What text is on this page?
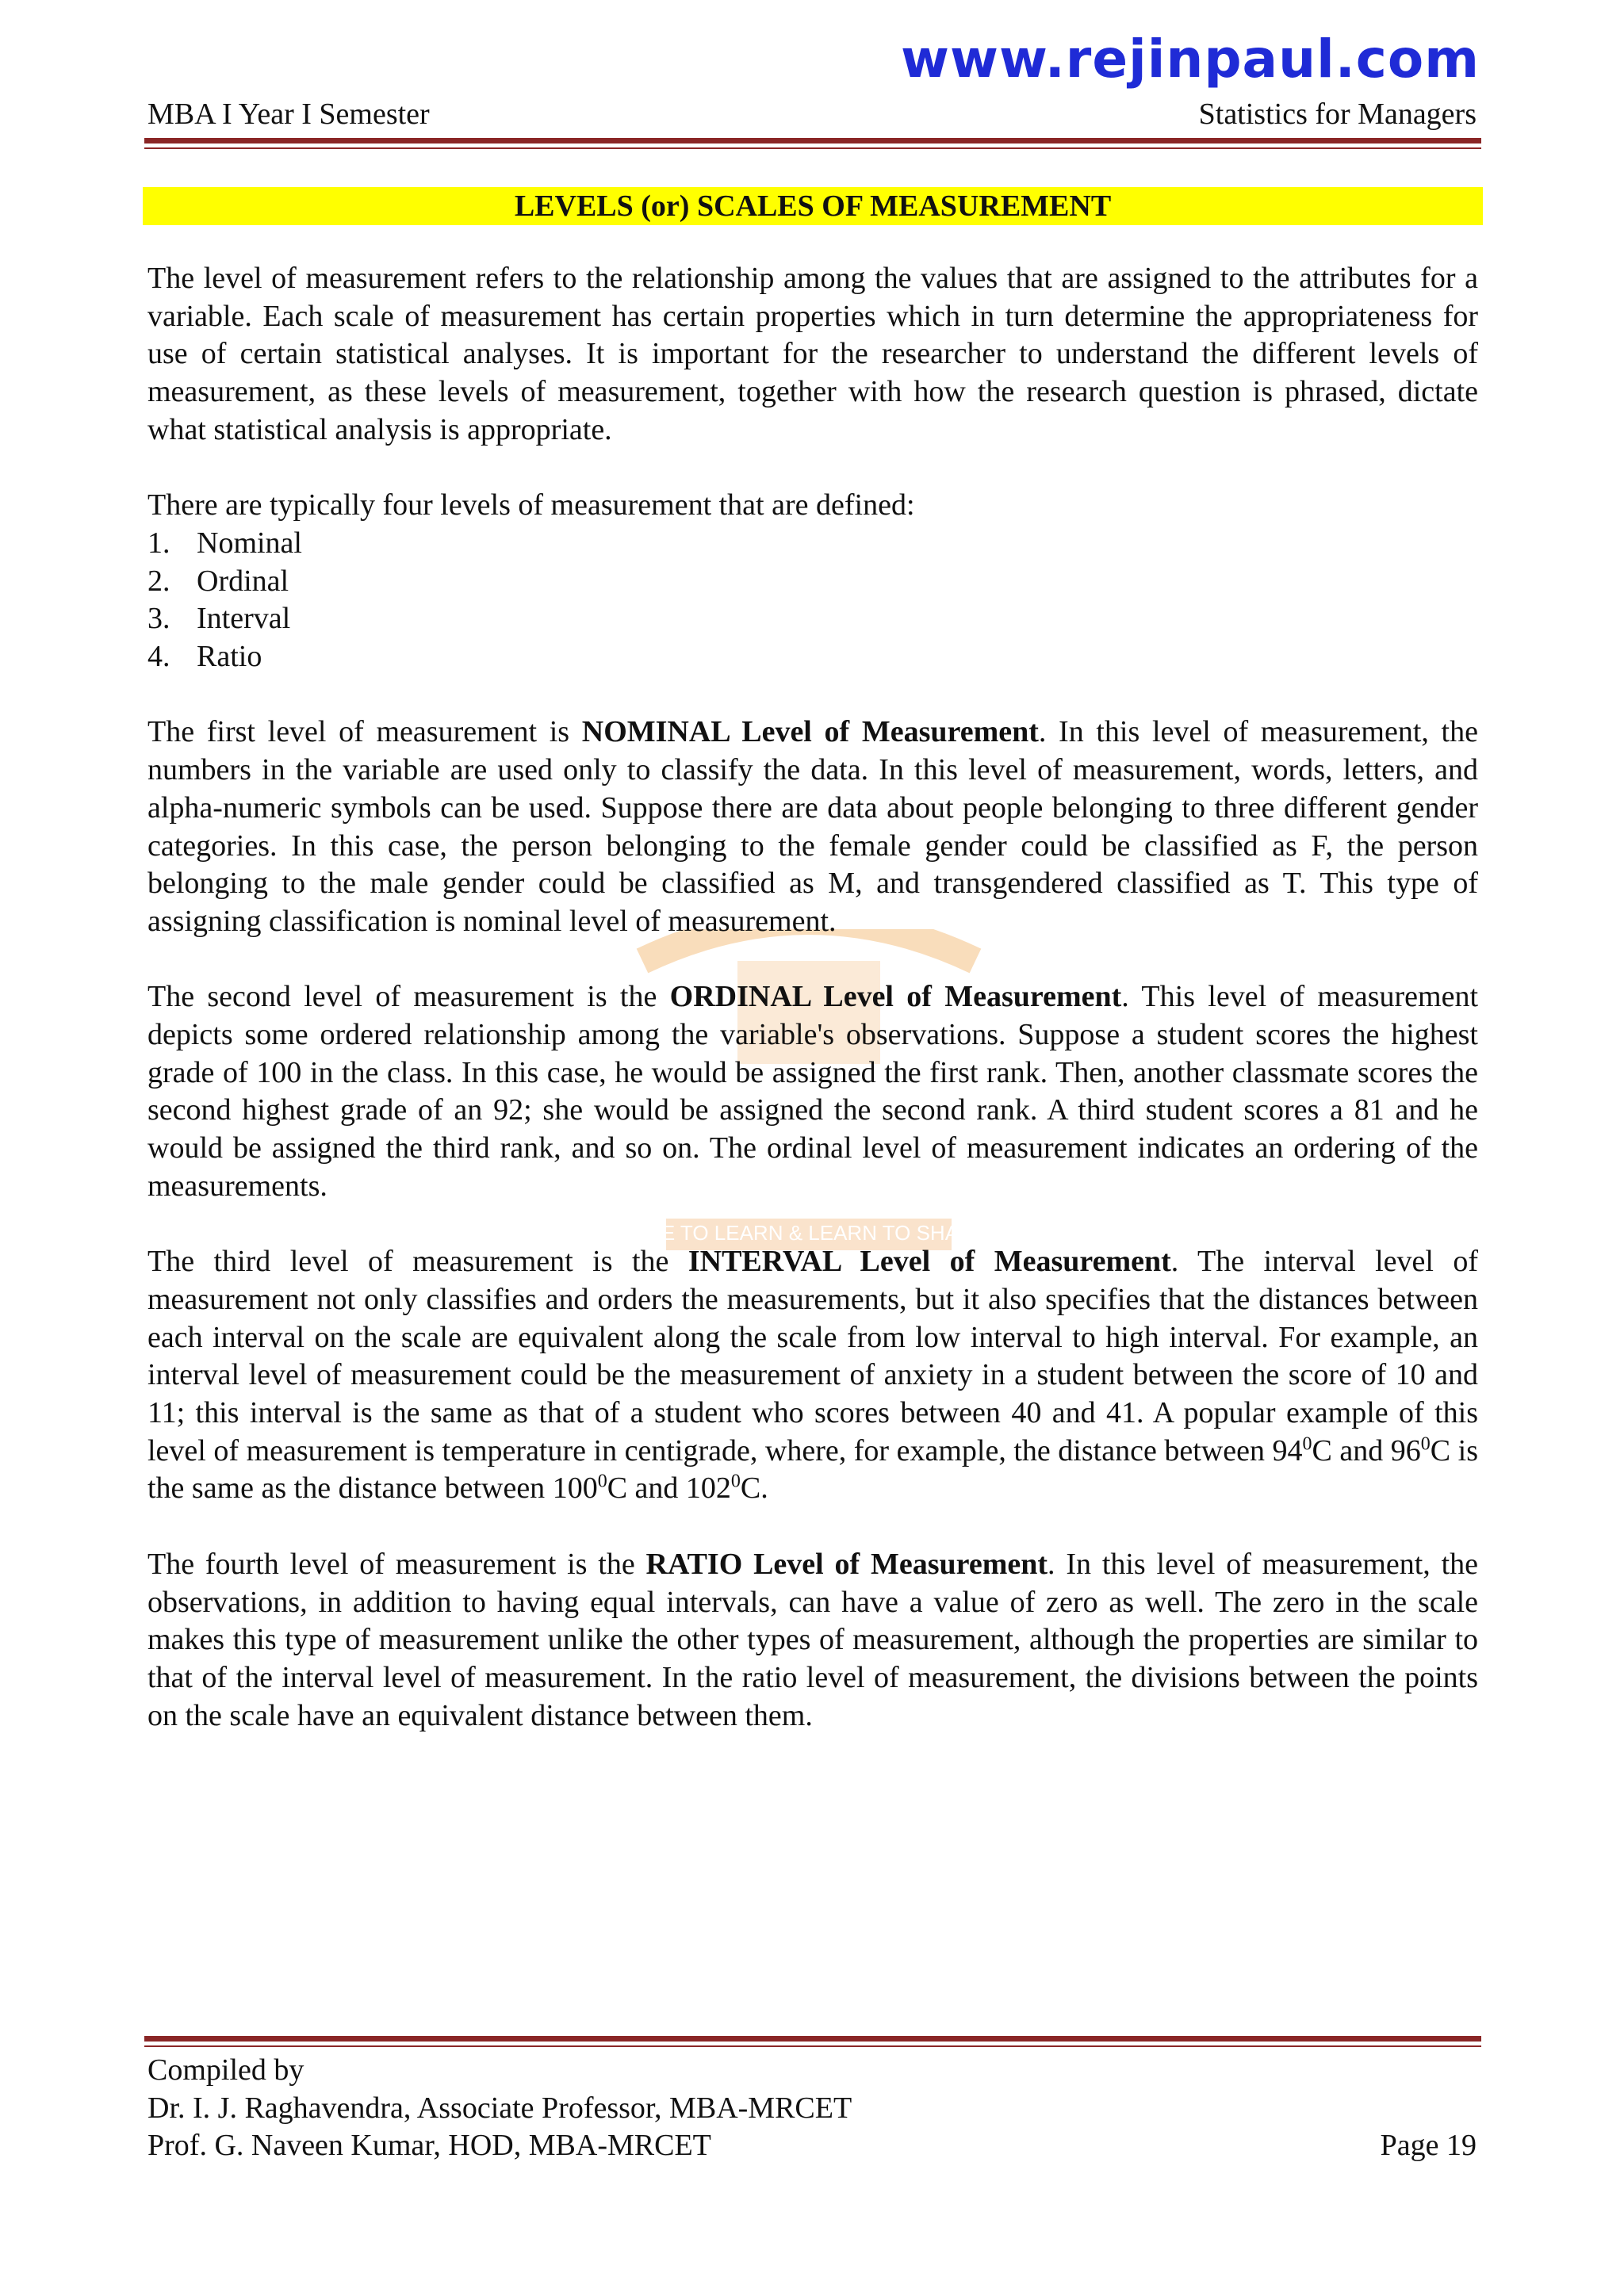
www.rejinpaul.com
MBA I Year I Semester	Statistics for Managers
LEVELS (or) SCALES OF MEASUREMENT
LIVE TO LEARN & LEARN TO SHARE

The level of measurement refers to the relationship among the values that are assigned to the attributes for a variable. Each scale of measurement has certain properties which in turn determine the appropriateness for use of certain statistical analyses. It is important for the researcher to understand the different levels of measurement, as these levels of measurement, together with how the research question is phrased, dictate what statistical analysis is appropriate.

There are typically four levels of measurement that are defined:
1. Nominal
2. Ordinal
3. Interval
4. Ratio

The first level of measurement is NOMINAL Level of Measurement. In this level of measurement, the numbers in the variable are used only to classify the data. In this level of measurement, words, letters, and alpha-numeric symbols can be used. Suppose there are data about people belonging to three different gender categories. In this case, the person belonging to the female gender could be classified as F, the person belonging to the male gender could be classified as M, and transgendered classified as T. This type of assigning classification is nominal level of measurement.

The second level of measurement is the ORDINAL Level of Measurement. This level of measurement depicts some ordered relationship among the variable's observations. Suppose a student scores the highest grade of 100 in the class. In this case, he would be assigned the first rank. Then, another classmate scores the second highest grade of an 92; she would be assigned the second rank. A third student scores a 81 and he would be assigned the third rank, and so on. The ordinal level of measurement indicates an ordering of the measurements.

The third level of measurement is the INTERVAL Level of Measurement. The interval level of measurement not only classifies and orders the measurements, but it also specifies that the distances between each interval on the scale are equivalent along the scale from low interval to high interval. For example, an interval level of measurement could be the measurement of anxiety in a student between the score of 10 and 11; this interval is the same as that of a student who scores between 40 and 41. A popular example of this level of measurement is temperature in centigrade, where, for example, the distance between $94^0C$ and $96^0C$ is the same as the distance between $100^0C$ and $102^0C$.

The fourth level of measurement is the RATIO Level of Measurement. In this level of measurement, the observations, in addition to having equal intervals, can have a value of zero as well. The zero in the scale makes this type of measurement unlike the other types of measurement, although the properties are similar to that of the interval level of measurement. In the ratio level of measurement, the divisions between the points on the scale have an equivalent distance between them.

Compiled by
Dr. I. J. Raghavendra, Associate Professor, MBA-MRCET
Prof. G. Naveen Kumar, HOD, MBA-MRCET	Page 19
